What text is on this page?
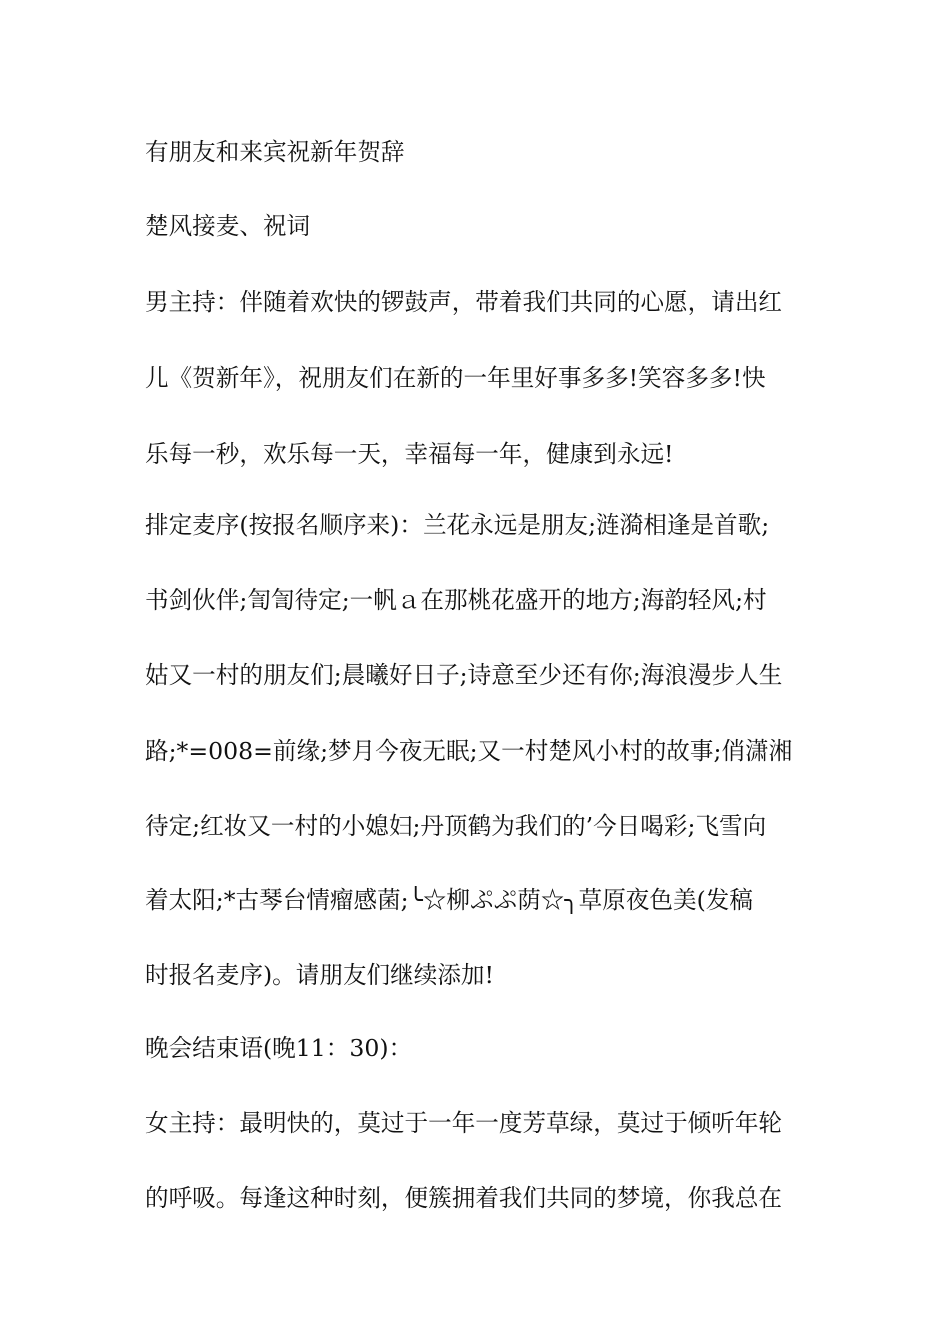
有朋友和来宾祝新年贺辞

楚风接麦、祝词

男主持：伴随着欢快的锣鼓声，带着我们共同的心愿，请出红

儿《贺新年》，祝朋友们在新的一年里好事多多!笑容多多!快

乐每一秒，欢乐每一天，幸福每一年，健康到永远!

排定麦序(按报名顺序来)：兰花永远是朋友;涟漪相逢是首歌;

书剑伙伴;訇訇待定;一帆ａ在那桃花盛开的地方;海韵轻风;村

姑又一村的朋友们;晨曦好日子;诗意至少还有你;海浪漫步人生

路;*=008=前缘;梦月今夜无眠;又一村楚风小村的故事;俏潇湘

待定;红妆又一村的小媳妇;丹顶鹤为我们的’今日喝彩;飞雪向

着太阳;*古琴台情瘤感菌;╰☆柳ぷぷ荫☆╮草原夜色美(发稿

时报名麦序)。请朋友们继续添加!

晚会结束语(晚11：30)：

女主持：最明快的，莫过于一年一度芳草绿，莫过于倾听年轮

的呼吸。每逢这种时刻，便簇拥着我们共同的梦境，你我总在
